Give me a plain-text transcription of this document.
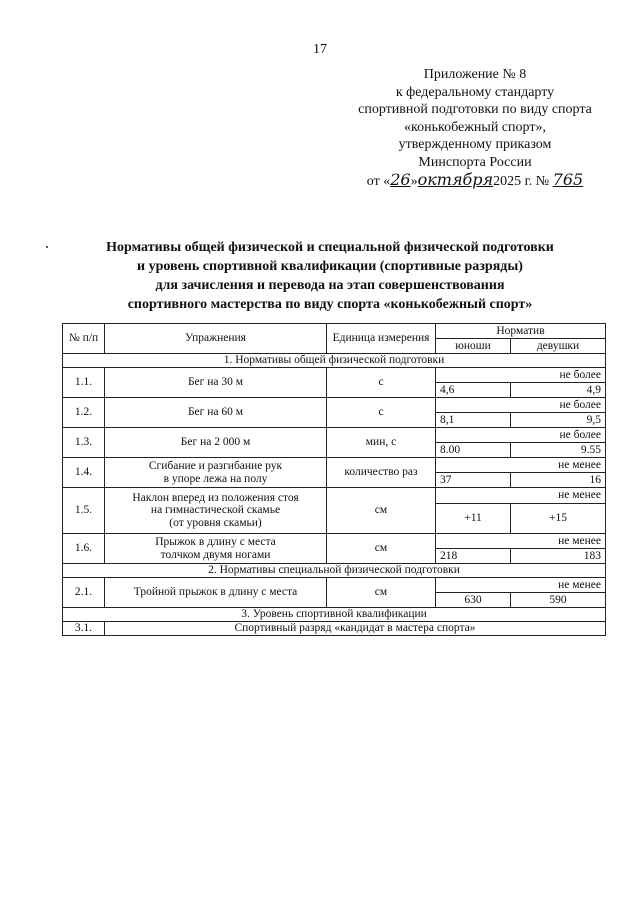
17
Приложение № 8
к федеральному стандарту
спортивной подготовки по виду спорта
«конькобежный спорт»,
утвержденному приказом
Минспорта России
от «26»октября2025 г. № 765
Нормативы общей физической и специальной физической подготовки
и уровень спортивной квалификации (спортивные разряды)
для зачисления и перевода на этап совершенствования
спортивного мастерства по виду спорта «конькобежный спорт»
№ п/п	Упражнения	Единица измерения	Норматив	
			юноши	девушки
1. Нормативы общей физической подготовки				
1.1.	Бег на 30 м	с	не более	
			4,6	4,9
1.2.	Бег на 60 м	с	не более	
			8,1	9,5
1.3.	Бег на 2 000 м	мин, с	не более	
			8.00	9.55
1.4.	Сгибание и разгибание рук
в упоре лежа на полу	количество раз	не менее	
			37	16
1.5.	Наклон вперед из положения стоя
на гимнастической скамье
(от уровня скамьи)	см	не менее	
			+11	+15
1.6.	Прыжок в длину с места
толчком двумя ногами	см	не менее	
			218	183
2. Нормативы специальной физической подготовки				
2.1.	Тройной прыжок в длину с места	см	не менее	
			630	590
3. Уровень спортивной квалификации				
3.1.	Спортивный разряд «кандидат в мастера спорта»			
